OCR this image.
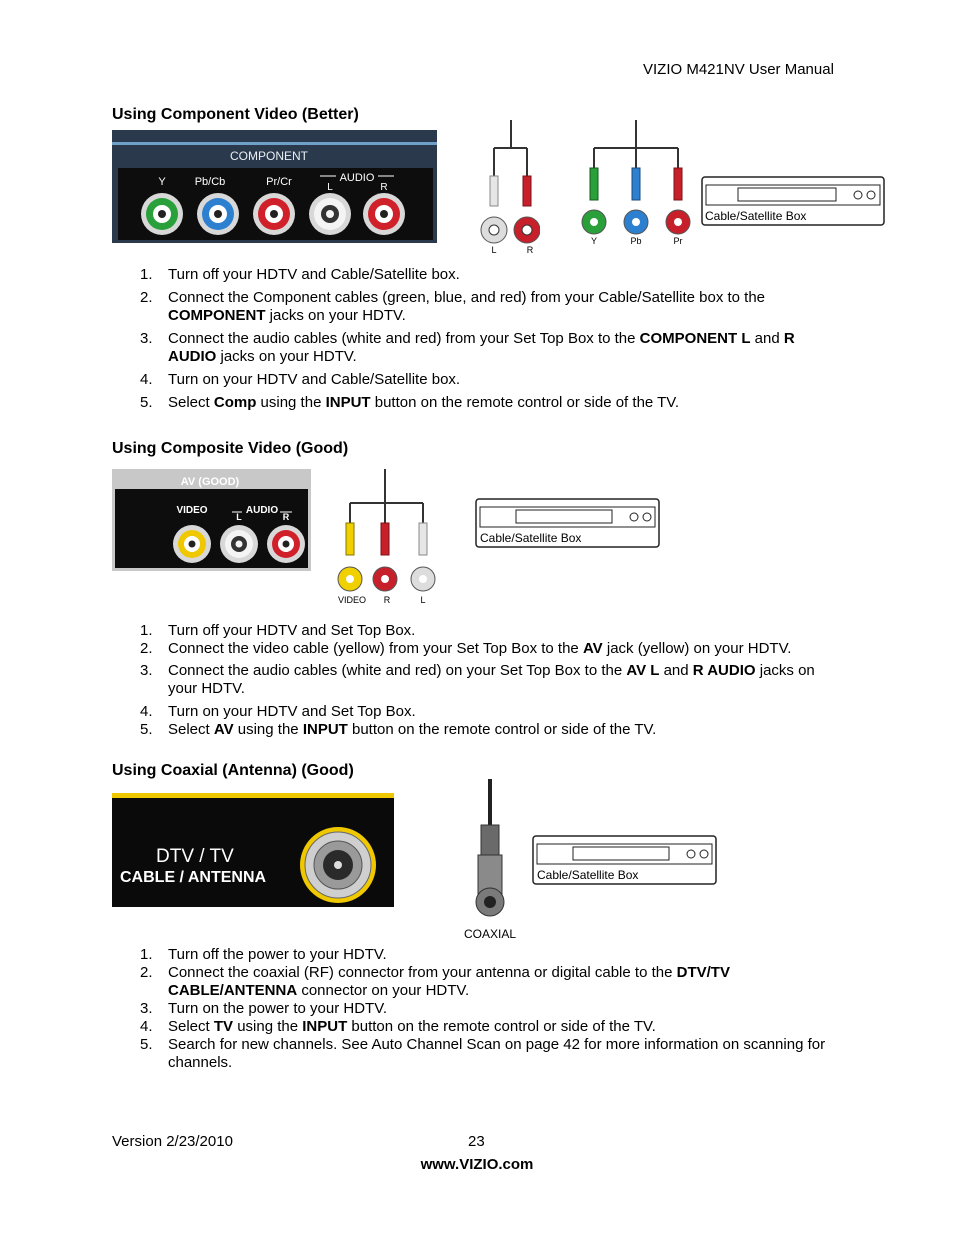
VIZIO M421NV User Manual
Using Component Video (Better)
COMPONENT
Y	Pb/Cb	Pr/Cr	AUDIO
L	R
L	R
Y	Pb	Pr
Cable/Satellite Box
1. Turn off your HDTV and Cable/Satellite box.
2. Connect the Component cables (green, blue, and red) from your Cable/Satellite box to the COMPONENT jacks on your HDTV.
3. Connect the audio cables (white and red) from your Set Top Box to the COMPONENT L and R AUDIO jacks on your HDTV.
4. Turn on your HDTV and Cable/Satellite box.
5. Select Comp using the INPUT button on the remote control or side of the TV.
Using Composite Video (Good)
AV (GOOD)
VIDEO	AUDIO
L	R
VIDEO R	L
Cable/Satellite Box
1. Turn off your HDTV and Set Top Box.
2. Connect the video cable (yellow) from your Set Top Box to the AV jack (yellow) on your HDTV.
3. Connect the audio cables (white and red) on your Set Top Box to the AV L and R AUDIO jacks on your HDTV.
4. Turn on your HDTV and Set Top Box.
5. Select AV using the INPUT button on the remote control or side of the TV.
Using Coaxial (Antenna) (Good)
DTV / TV
CABLE / ANTENNA
COAXIAL
Cable/Satellite Box
1. Turn off the power to your HDTV.
2. Connect the coaxial (RF) connector from your antenna or digital cable to the DTV/TV CABLE/ANTENNA connector on your HDTV.
3. Turn on the power to your HDTV.
4. Select TV using the INPUT button on the remote control or side of the TV.
5. Search for new channels. See Auto Channel Scan on page 42 for more information on scanning for channels.
Version 2/23/2010	23
www.VIZIO.com
